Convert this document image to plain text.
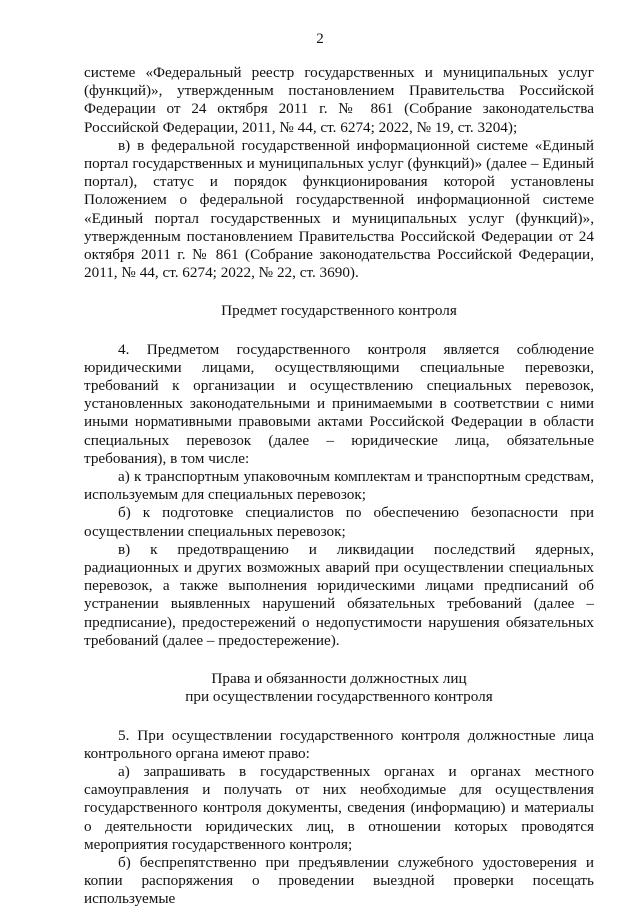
2

системе «Федеральный реестр государственных и муниципальных услуг (функций)», утвержденным постановлением Правительства Российской Федерации от 24 октября 2011 г. № 861 (Собрание законодательства Российской Федерации, 2011, № 44, ст. 6274; 2022, № 19, ст. 3204);

в) в федеральной государственной информационной системе «Единый портал государственных и муниципальных услуг (функций)» (далее – Единый портал), статус и порядок функционирования которой установлены Положением о федеральной государственной информационной системе «Единый портал государственных и муниципальных услуг (функций)», утвержденным постановлением Правительства Российской Федерации от 24 октября 2011 г. № 861 (Собрание законодательства Российской Федерации, 2011, № 44, ст. 6274; 2022, № 22, ст. 3690).

Предмет государственного контроля

4. Предметом государственного контроля является соблюдение юридическими лицами, осуществляющими специальные перевозки, требований к организации и осуществлению специальных перевозок, установленных законодательными и принимаемыми в соответствии с ними иными нормативными правовыми актами Российской Федерации в области специальных перевозок (далее – юридические лица, обязательные требования), в том числе:

а) к транспортным упаковочным комплектам и транспортным средствам, используемым для специальных перевозок;

б) к подготовке специалистов по обеспечению безопасности при осуществлении специальных перевозок;

в) к предотвращению и ликвидации последствий ядерных, радиационных и других возможных аварий при осуществлении специальных перевозок, а также выполнения юридическими лицами предписаний об устранении выявленных нарушений обязательных требований (далее – предписание), предостережений о недопустимости нарушения обязательных требований (далее – предостережение).

Права и обязанности должностных лиц

при осуществлении государственного контроля

5. При осуществлении государственного контроля должностные лица контрольного органа имеют право:

а) запрашивать в государственных органах и органах местного самоуправления и получать от них необходимые для осуществления государственного контроля документы, сведения (информацию) и материалы о деятельности юридических лиц, в отношении которых проводятся мероприятия государственного контроля;

б) беспрепятственно при предъявлении служебного удостоверения и копии распоряжения о проведении выездной проверки посещать используемые
